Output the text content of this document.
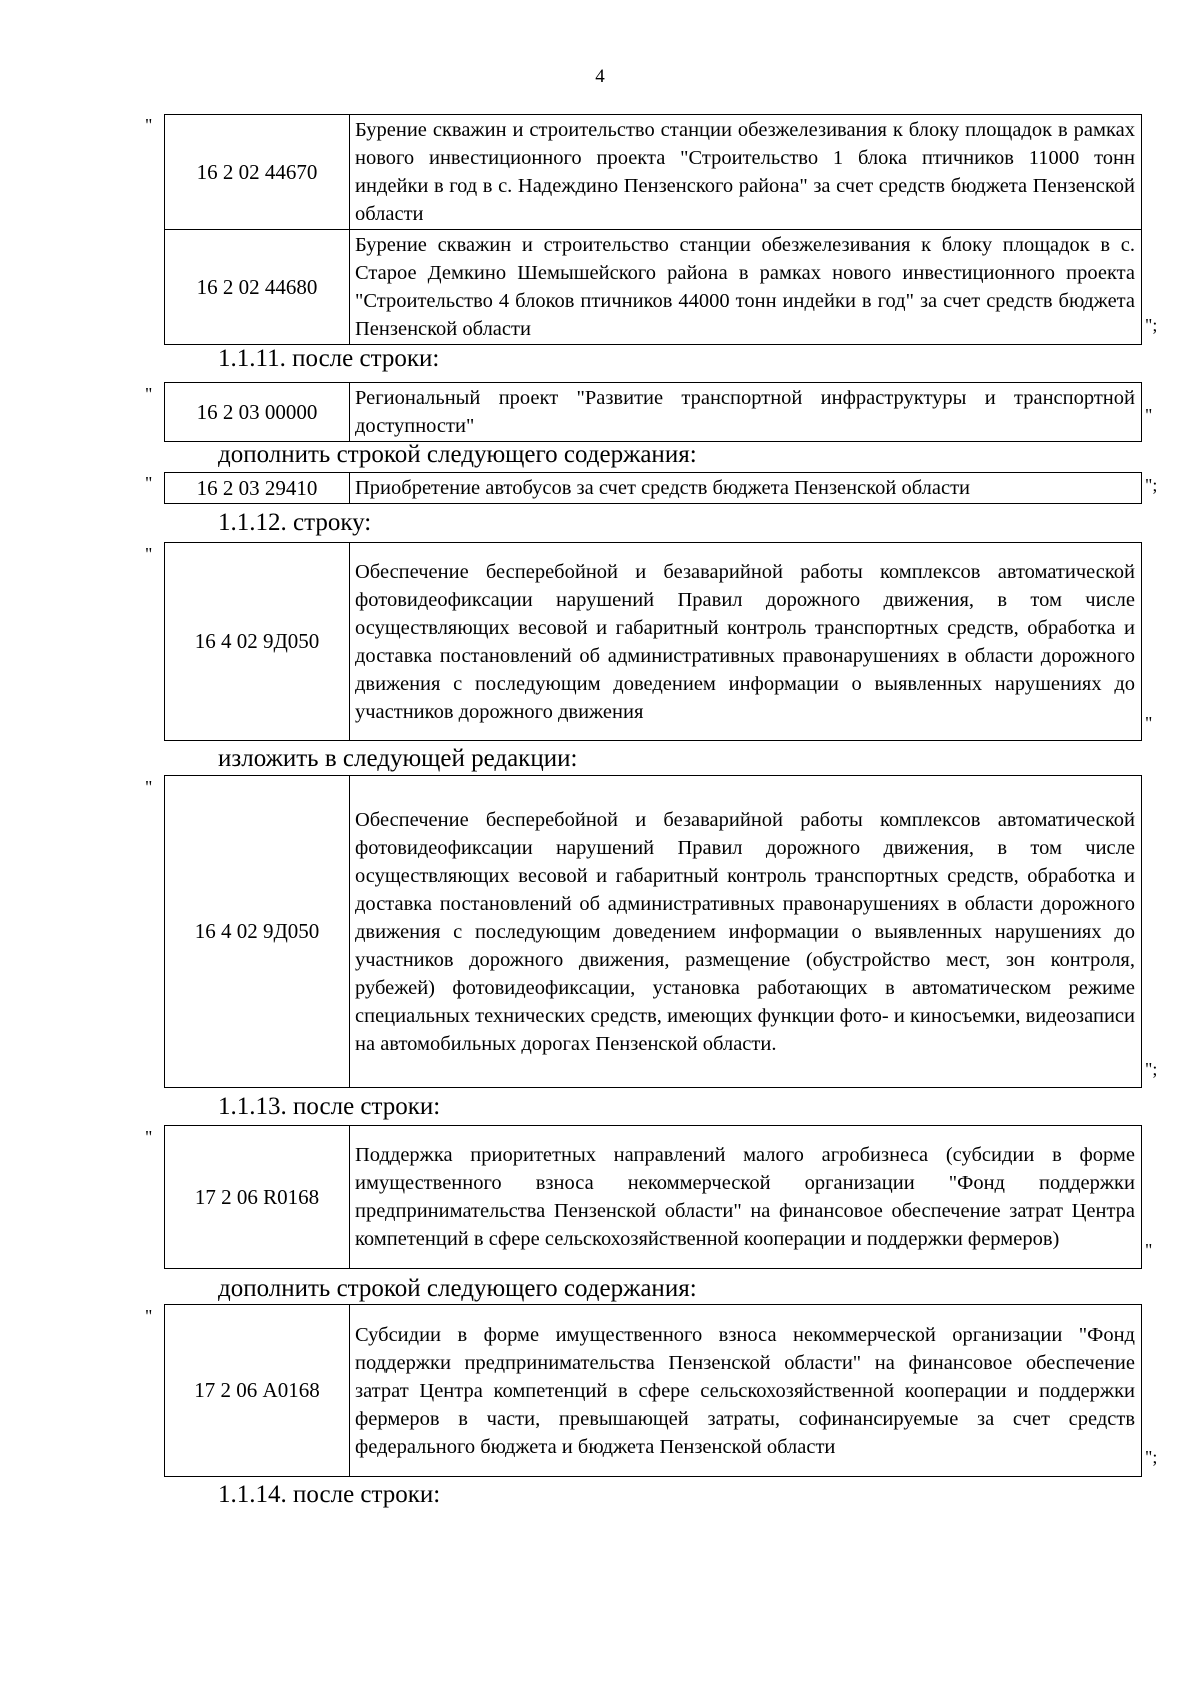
4
"
16 2 02 44670	Бурение скважин и строительство станции обезжелезивания к блоку площадок в рамках нового инвестиционного проекта "Строительство 1 блока птичников 11000 тонн индейки в год в с. Надеждино Пензенского района" за счет средств бюджета Пензенской области
16 2 02 44680	Бурение скважин и строительство станции обезжелезивания к блоку площадок в с. Старое Демкино Шемышейского района в рамках нового инвестиционного проекта "Строительство 4 блоков птичников 44000 тонн индейки в год" за счет средств бюджета Пензенской области	";
1.1.11. после строки:
"
16 2 03 00000	Региональный проект "Развитие транспортной инфраструктуры и транспортной доступности"	"
дополнить строкой следующего содержания:
" 16 2 03 29410	Приобретение автобусов за счет средств бюджета Пензенской области	";
1.1.12. строку:
"
16 4 02 9Д050	Обеспечение бесперебойной и безаварийной работы комплексов автоматической фотовидеофиксации нарушений Правил дорожного движения, в том числе осуществляющих весовой и габаритный контроль транспортных средств, обработка и доставка постановлений об административных правонарушениях в области дорожного движения с последующим доведением информации о выявленных нарушениях до участников дорожного движения
"
изложить в следующей редакции:
"
16 4 02 9Д050	Обеспечение бесперебойной и безаварийной работы комплексов автоматической фотовидеофиксации нарушений Правил дорожного движения, в том числе осуществляющих весовой и габаритный контроль транспортных средств, обработка и доставка постановлений об административных правонарушениях в области дорожного движения с последующим доведением информации о выявленных нарушениях до участников дорожного движения, размещение (обустройство мест, зон контроля, рубежей) фотовидеофиксации, установка работающих в автоматическом режиме специальных технических средств, имеющих функции фото- и киносъемки, видеозаписи на автомобильных дорогах Пензенской области.
";
1.1.13. после строки:
"
17 2 06 R0168	Поддержка приоритетных направлений малого агробизнеса (субсидии в форме имущественного взноса некоммерческой организации "Фонд поддержки предпринимательства Пензенской области" на финансовое обеспечение затрат Центра компетенций в сфере сельскохозяйственной кооперации и поддержки фермеров)	"
дополнить строкой следующего содержания:
"
17 2 06 А0168	Субсидии в форме имущественного взноса некоммерческой организации "Фонд поддержки предпринимательства Пензенской области" на финансовое обеспечение затрат Центра компетенций в сфере сельскохозяйственной кооперации и поддержки фермеров в части, превышающей затраты, софинансируемые за счет средств федерального бюджета и бюджета Пензенской области	";
1.1.14. после строки:
